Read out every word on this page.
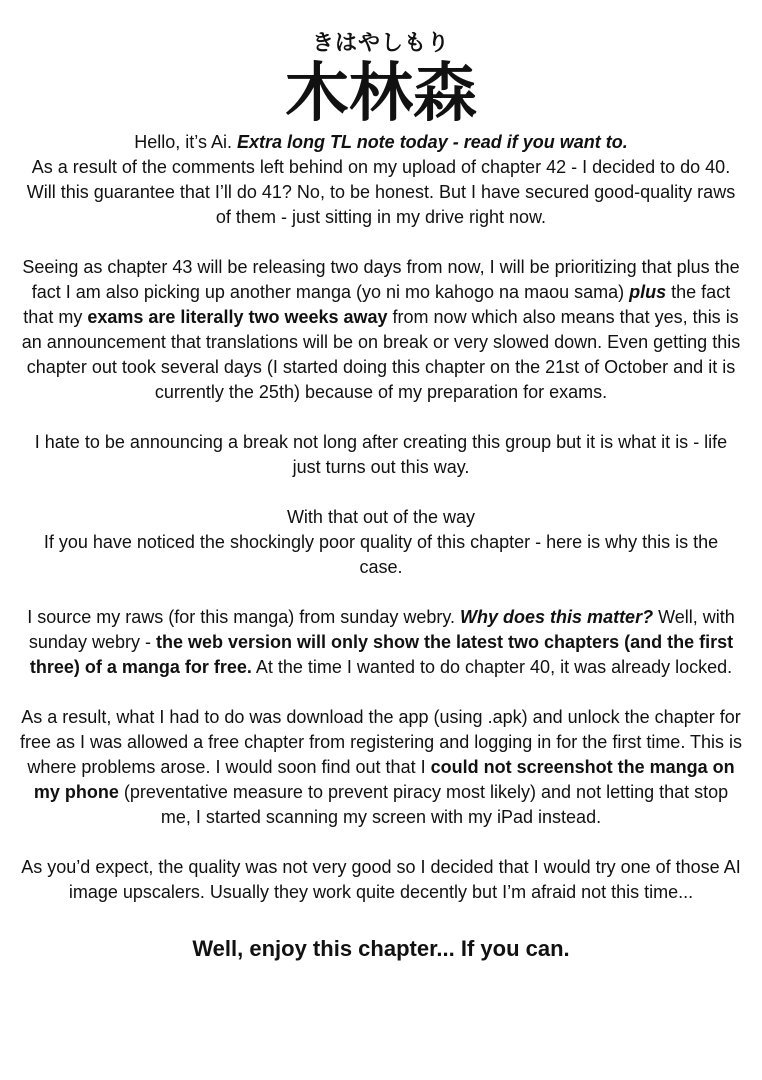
きはやしもり
木林森

Hello, it’s Ai. Extra long TL note today - read if you want to.

As a result of the comments left behind on my upload of chapter 42 - I decided to do 40. Will this guarantee that I’ll do 41? No, to be honest. But I have secured good-quality raws of them - just sitting in my drive right now.

Seeing as chapter 43 will be releasing two days from now, I will be prioritizing that plus the fact I am also picking up another manga (yo ni mo kahogo na maou sama) plus the fact that my exams are literally two weeks away from now which also means that yes, this is an announcement that translations will be on break or very slowed down. Even getting this chapter out took several days (I started doing this chapter on the 21st of October and it is currently the 25th) because of my preparation for exams.

I hate to be announcing a break not long after creating this group but it is what it is - life just turns out this way.

With that out of the way

If you have noticed the shockingly poor quality of this chapter - here is why this is the case.

I source my raws (for this manga) from sunday webry. Why does this matter? Well, with sunday webry - the web version will only show the latest two chapters (and the first three) of a manga for free. At the time I wanted to do chapter 40, it was already locked.

As a result, what I had to do was download the app (using .apk) and unlock the chapter for free as I was allowed a free chapter from registering and logging in for the first time. This is where problems arose. I would soon find out that I could not screenshot the manga on my phone (preventative measure to prevent piracy most likely) and not letting that stop me, I started scanning my screen with my iPad instead.

As you’d expect, the quality was not very good so I decided that I would try one of those AI image upscalers. Usually they work quite decently but I’m afraid not this time...

Well, enjoy this chapter... If you can.
